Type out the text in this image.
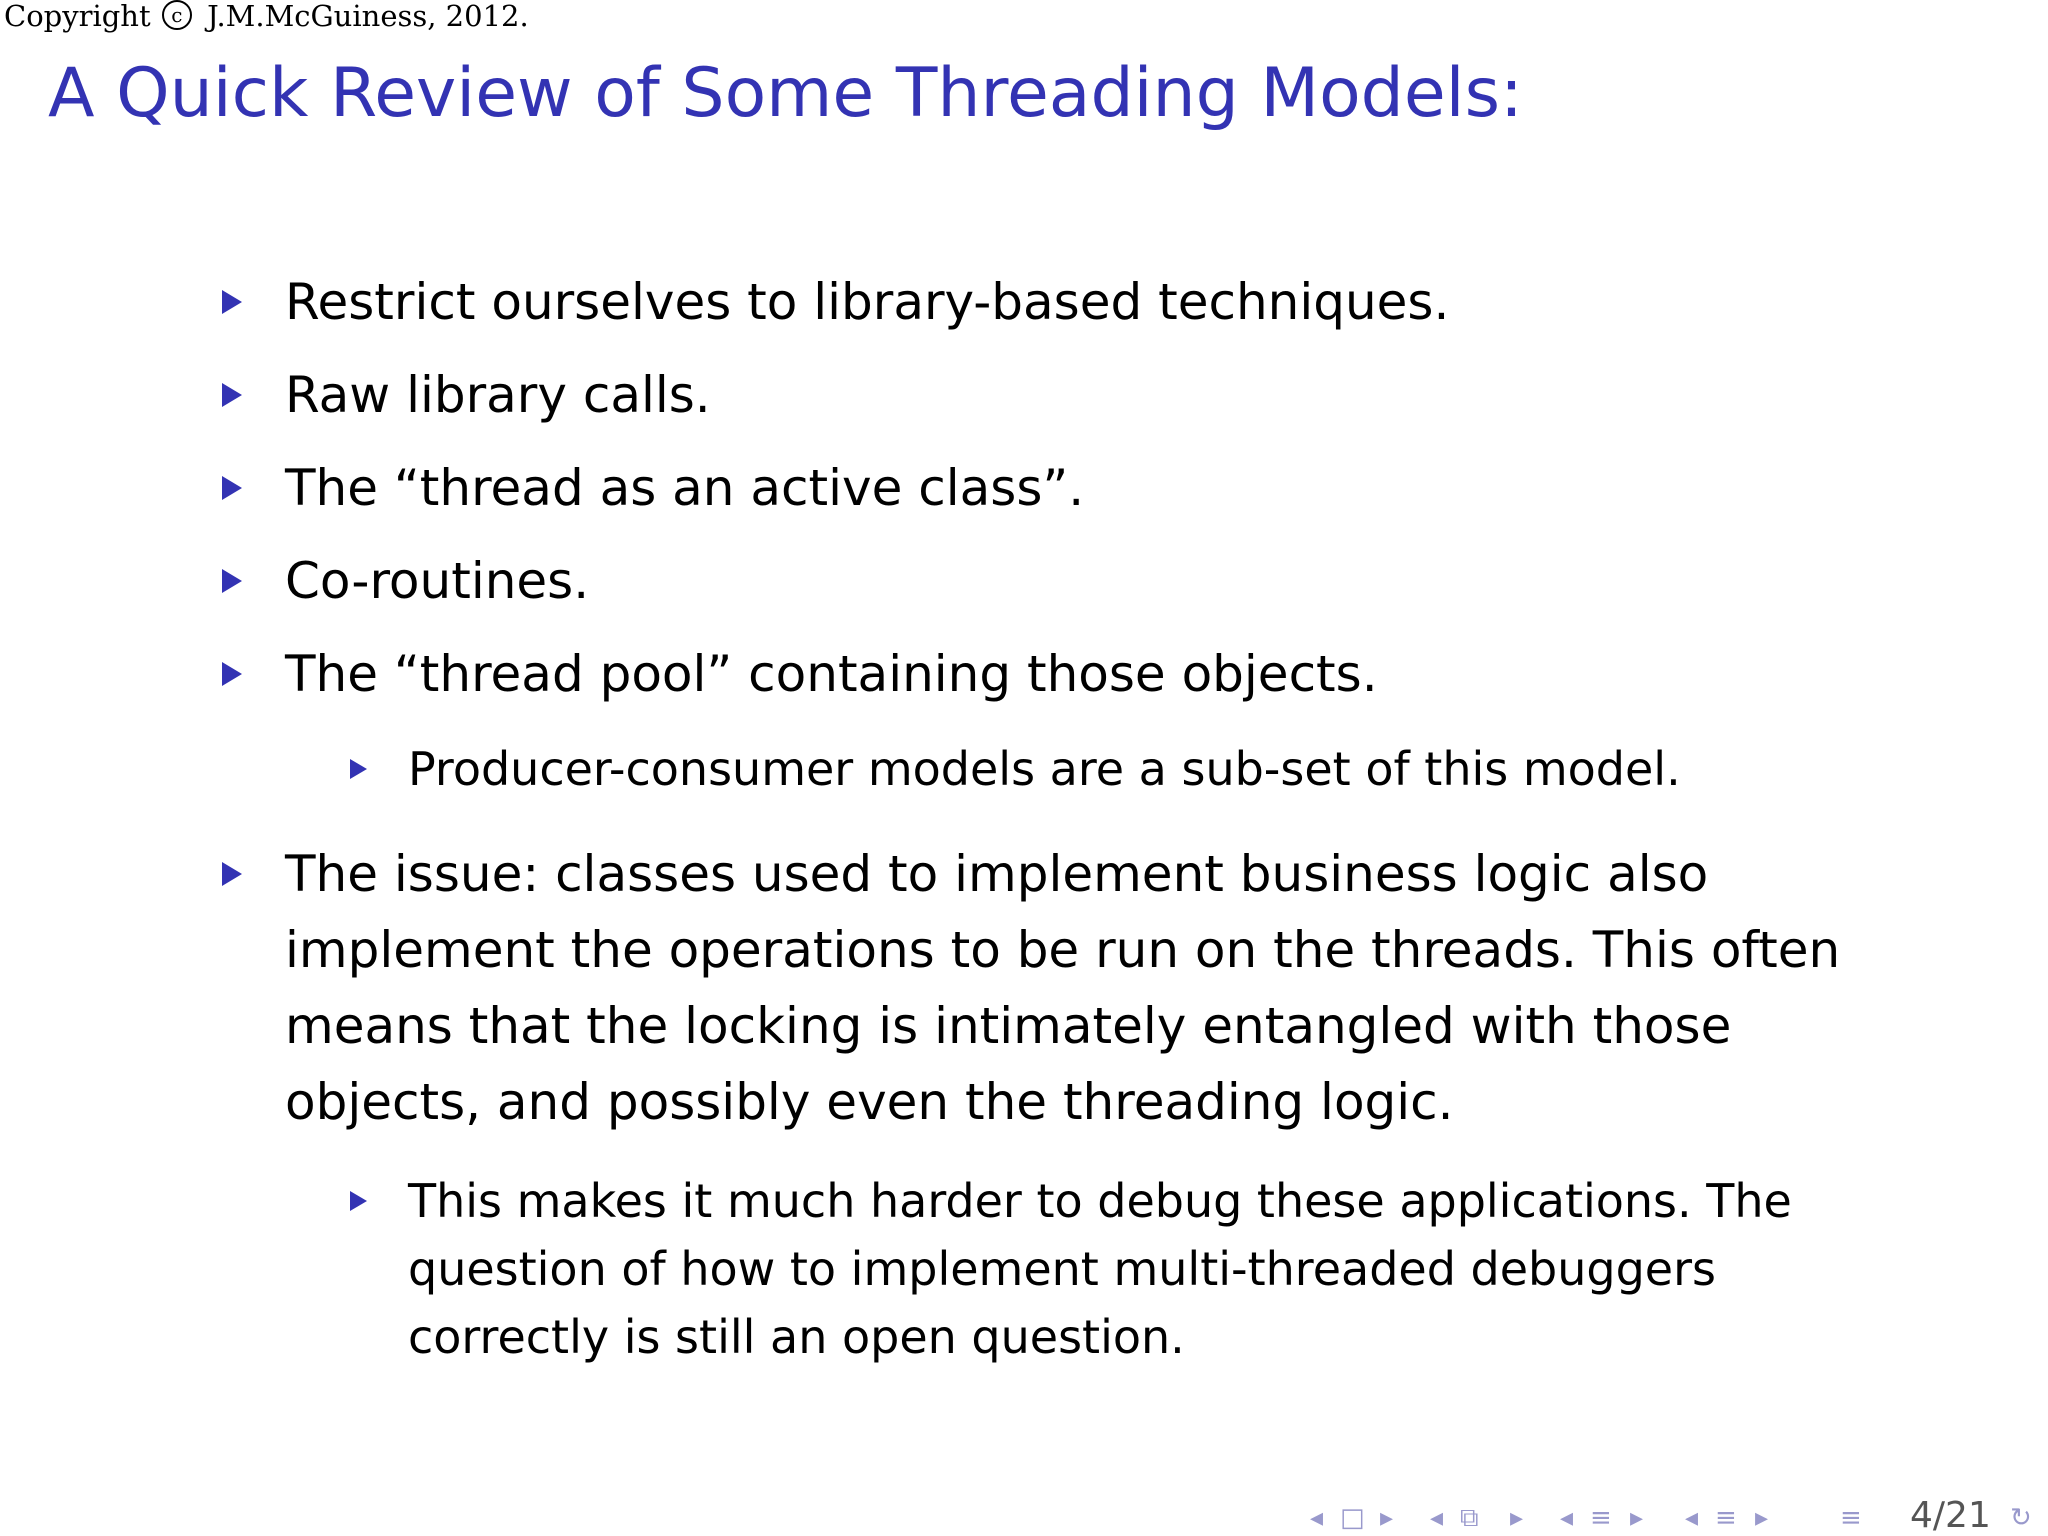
Copyright c J.M.McGuiness, 2012.
A Quick Review of Some Threading Models:
Restrict ourselves to library-based techniques.
Raw library calls.
The “thread as an active class”.
Co-routines.
The “thread pool” containing those objects.
Producer-consumer models are a sub-set of this model.
The issue: classes used to implement business logic also
implement the operations to be run on the threads. This often
means that the locking is intimately entangled with those
objects, and possibly even the threading logic.
This makes it much harder to debug these applications. The
question of how to implement multi-threaded debuggers
correctly is still an open question.
◂ □ ▸ ◂ ⧉ ▸ ◂ ≡ ▸ ◂ ≡ ▸	≡	↻
4/21
